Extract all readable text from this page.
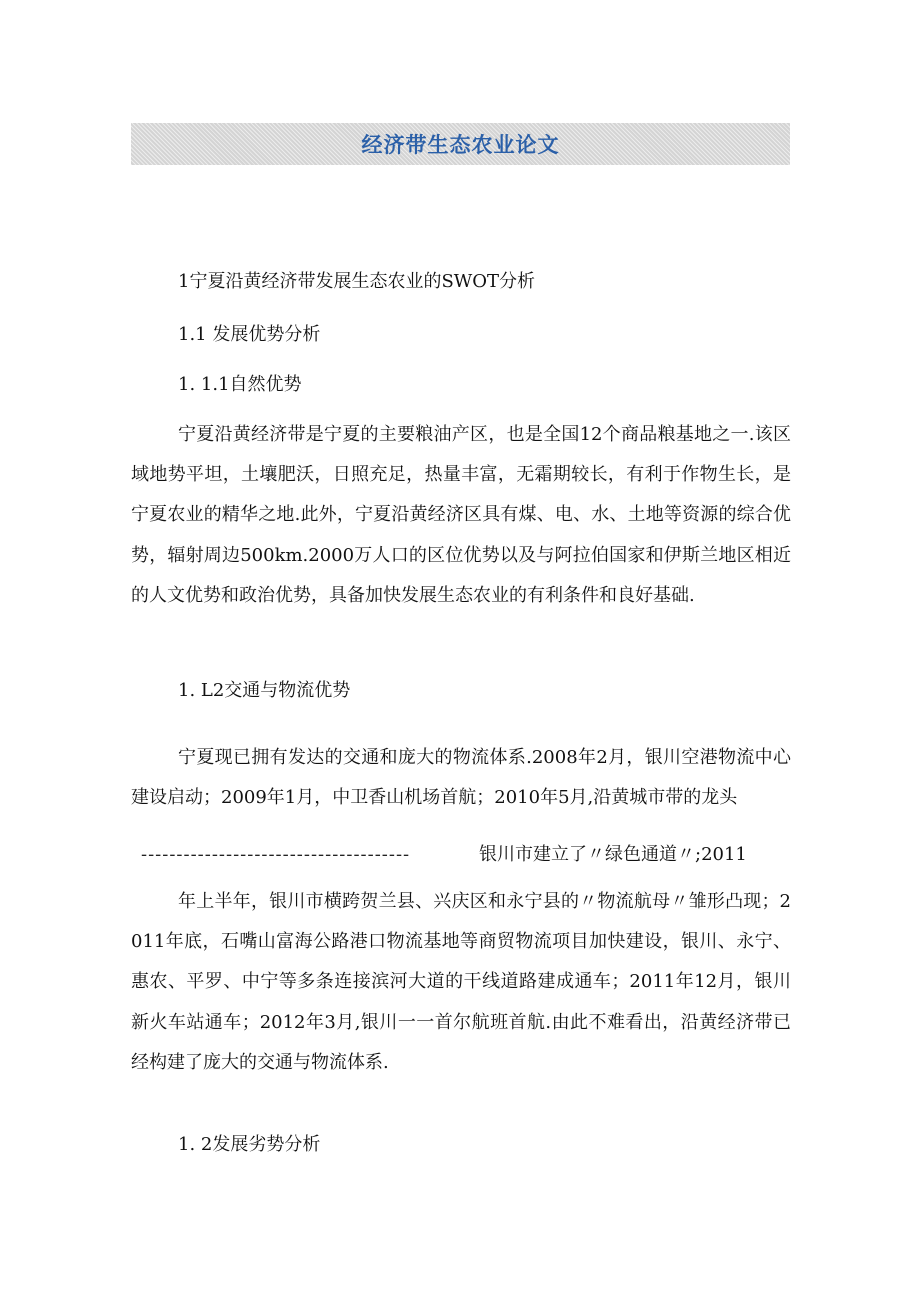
经济带生态农业论文

1宁夏沿黄经济带发展生态农业的SWOT分析

1.1 发展优势分析

1. 1.1自然优势

宁夏沿黄经济带是宁夏的主要粮油产区，也是全国12个商品粮基地之一.该区域地势平坦，土壤肥沃，日照充足，热量丰富，无霜期较长，有利于作物生长，是宁夏农业的精华之地.此外，宁夏沿黄经济区具有煤、电、水、土地等资源的综合优势，辐射周边500km.2000万人口的区位优势以及与阿拉伯国家和伊斯兰地区相近的人文优势和政治优势，具备加快发展生态农业的有利条件和良好基础.

1. L2交通与物流优势

宁夏现已拥有发达的交通和庞大的物流体系.2008年2月，银川空港物流中心建设启动；2009年1月，中卫香山机场首航；2010年5月,沿黄城市带的龙头

--------------------------------------	银川市建立了〃绿色通道〃;2011

年上半年，银川市横跨贺兰县、兴庆区和永宁县的〃物流航母〃雏形凸现；2011年底，石嘴山富海公路港口物流基地等商贸物流项目加快建设，银川、永宁、惠农、平罗、中宁等多条连接滨河大道的干线道路建成通车；2011年12月，银川新火车站通车；2012年3月,银川一一首尔航班首航.由此不难看出，沿黄经济带已经构建了庞大的交通与物流体系.

1. 2发展劣势分析
